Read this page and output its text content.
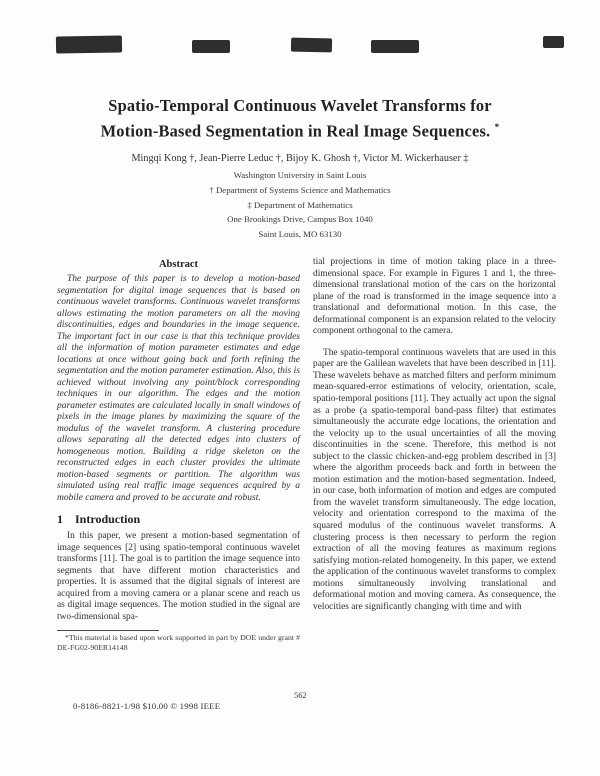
Spatio-Temporal Continuous Wavelet Transforms for
Motion-Based Segmentation in Real Image Sequences. *
Mingqi Kong †, Jean-Pierre Leduc †, Bijoy K. Ghosh †, Victor M. Wickerhauser ‡
Washington University in Saint Louis
† Department of Systems Science and Mathematics
‡ Department of Mathematics
One Brookings Drive, Campus Box 1040
Saint Louis, MO 63130
Abstract

The purpose of this paper is to develop a motion-based segmentation for digital image sequences that is based on continuous wavelet transforms. Continuous wavelet transforms allows estimating the motion parameters on all the moving discontinuities, edges and boundaries in the image sequence. The important fact in our case is that this technique provides all the information of motion parameter estimates and edge locations at once without going back and forth refining the segmentation and the motion parameter estimation. Also, this is achieved without involving any point/block corresponding techniques in our algorithm. The edges and the motion parameter estimates are calculated locally in small windows of pixels in the image planes by maximizing the square of the modulus of the wavelet transform. A clustering procedure allows separating all the detected edges into clusters of homogeneous motion. Building a ridge skeleton on the reconstructed edges in each cluster provides the ultimate motion-based segments or partition. The algorithm was simulated using real traffic image sequences acquired by a mobile camera and proved to be accurate and robust.

1 Introduction

In this paper, we present a motion-based segmentation of image sequences [2] using spatio-temporal continuous wavelet transforms [11]. The goal is to partition the image sequence into segments that have different motion characteristics and properties. It is assumed that the digital signals of interest are acquired from a moving camera or a planar scene and reach us as digital image sequences. The motion studied in the signal are two-dimensional spa-

*This material is based upon work supported in part by DOE under grant # DE-FG02-90ER14148

tial projections in time of motion taking place in a three-dimensional space. For example in Figures 1 and 1, the three-dimensional translational motion of the cars on the horizontal plane of the road is transformed in the image sequence into a translational and deformational motion. In this case, the deformational component is an expansion related to the velocity component orthogonal to the camera.

The spatio-temporal continuous wavelets that are used in this paper are the Galilean wavelets that have been described in [11]. These wavelets behave as matched filters and perform minimum mean-squared-error estimations of velocity, orientation, scale, spatio-temporal positions [11]. They actually act upon the signal as a probe (a spatio-temporal band-pass filter) that estimates simultaneously the accurate edge locations, the orientation and the velocity up to the usual uncertainties of all the moving discontinuities in the scene. Therefore, this method is not subject to the classic chicken-and-egg problem described in [3] where the algorithm proceeds back and forth in between the motion estimation and the motion-based segmentation. Indeed, in our case, both information of motion and edges are computed from the wavelet transform simultaneously. The edge location, velocity and orientation correspond to the maxima of the squared modulus of the continuous wavelet transforms. A clustering process is then necessary to perform the region extraction of all the moving features as maximum regions satisfying motion-related homogeneity. In this paper, we extend the application of the continuous wavelet transforms to complex motions simultaneously involving translational and deformational motion and moving camera. As consequence, the velocities are significantly changing with time and with

0-8186-8821-1/98 $10.00 © 1998 IEEE
562
